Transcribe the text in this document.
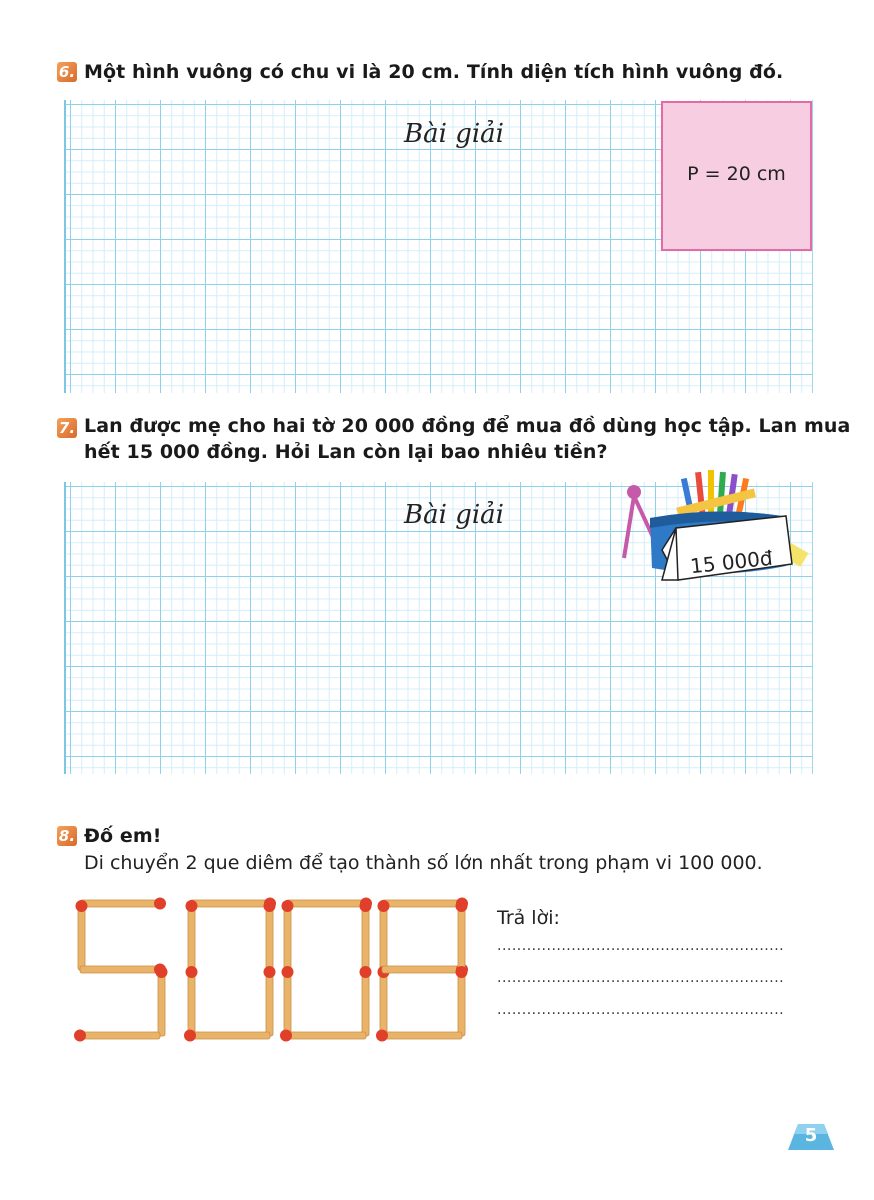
6. Một hình vuông có chu vi là 20 cm. Tính diện tích hình vuông đó.
Bài giải
P = 20 cm
7. Lan được mẹ cho hai tờ 20 000 đồng để mua đồ dùng học tập. Lan mua
hết 15 000 đồng. Hỏi Lan còn lại bao nhiêu tiền?
Bài giải
15 000đ
8. Đố em!
Di chuyển 2 que diêm để tạo thành số lớn nhất trong phạm vi 100 000.
Trả lời:
..........................................................
..........................................................
..........................................................
5
